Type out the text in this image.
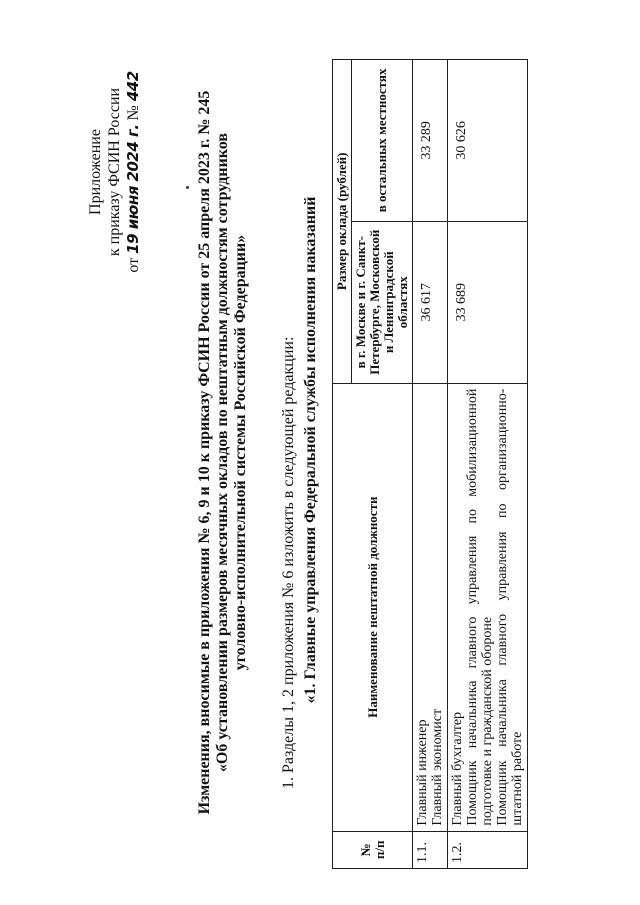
Приложение к приказу ФСИН России
от 19 июня 2024 г. № 442
Изменения, вносимые в приложения № 6, 9 и 10 к приказу ФСИН России от 25 апреля 2023 г. № 245 «Об установлении размеров месячных окладов по нештатным должностям сотрудников уголовно-исполнительной системы Российской Федерации» 1. Разделы 1, 2 приложения № 6 изложить в следующей редакции: «1. Главные управления Федеральной службы исполнения наказаний
№ п/п	Наименование нештатной должности	Размер оклада (рублей)	
		в г. Москве и г. Санкт-Петербурге, Московской и Ленинградской областях	в остальных местностях
1.1.	Главный инженер Главный экономист	36 617	33 289
1.2.	Главный бухгалтер Помощник начальника главного управления по мобилизационной подготовке и гражданской обороне Помощник начальника главного управления по организационно-штатной работе	33 689	30 626
